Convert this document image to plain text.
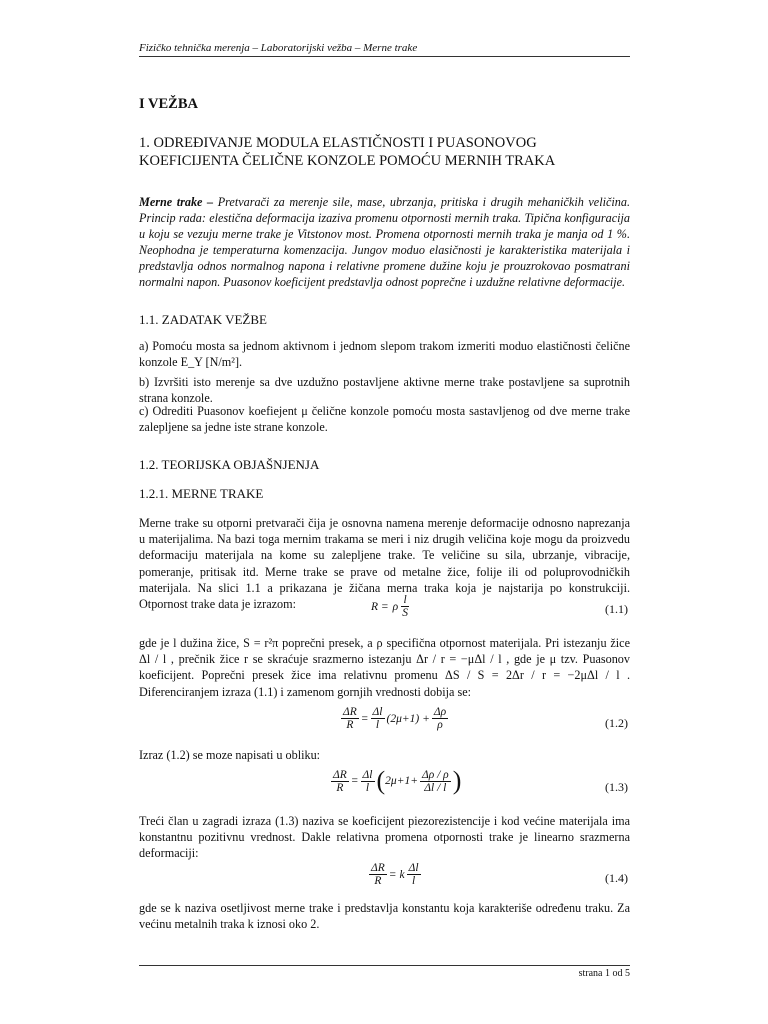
Fizičko tehnička merenja – Laboratorijski vežba – Merne trake
I VEŽBA
1. ODREĐIVANJE MODULA ELASTIČNOSTI I PUASONOVOG
KOEFICIJENTA ČELIČNE KONZOLE POMOĆU MERNIH TRAKA
Merne trake – Pretvarači za merenje sile, mase, ubrzanja, pritiska i drugih mehaničkih veličina. Princip rada: elestična deformacija izaziva promenu otpornosti mernih traka. Tipična konfiguracija u koju se vezuju merne trake je Vitstonov most. Promena otpornosti mernih traka je manja od 1 %. Neophodna je temperaturna komenzacija. Jungov moduo elasičnosti je karakteristika materijala i predstavlja odnos normalnog napona i relativne promene dužine koju je prouzrokovao posmatrani normalni napon. Puasonov koeficijent predstavlja odnost poprečne i uzdužne relativne deformacije.
1.1. ZADATAK VEŽBE
a) Pomoću mosta sa jednom aktivnom i jednom slepom trakom izmeriti moduo elastičnosti čelične konzole E_Y [N/m²].
b) Izvršiti isto merenje sa dve uzdužno postavljene aktivne merne trake postavljene sa suprotnih strana konzole.
c) Odrediti Puasonov koefiejent μ čelične konzole pomoću mosta sastavljenog od dve merne trake zalepljene sa jedne iste strane konzole.
1.2. TEORIJSKA OBJAŠNJENJA
1.2.1. MERNE TRAKE
Merne trake su otporni pretvarači čija je osnovna namena merenje deformacije odnosno naprezanja u materijalima. Na bazi toga mernim trakama se meri i niz drugih veličina koje mogu da proizvedu deformaciju materijala na kome su zalepljene trake. Te veličine su sila, ubrzanje, vibracije, pomeranje, pritisak itd. Merne trake se prave od metalne žice, folije ili od poluprovodničkih materijala. Na slici 1.1 a prikazana je žičana merna traka koja je najstarija po konstrukciji. Otpornost trake data je izrazom:	R = ρ $\frac{l}{S}$	(1.1)
gde je l dužina žice, S = r²π poprečni presek, a ρ specifična otpornost materijala. Pri istezanju žice Δl / l , prečnik žice r se skraćuje srazmerno istezanju Δr / r = −μΔl / l , gde je μ tzv. Puasonov koeficijent. Poprečni presek žice ima relativnu promenu ΔS / S = 2Δr / r = −2μΔl / l . Diferenciranjem izraza (1.1) i zamenom gornjih vrednosti dobija se:
$\frac{\Delta R}{R} = \frac{\Delta l}{l} (2\mu+1) + \frac{\Delta\rho}{\rho}$	(1.2)
Izraz (1.2) se moze napisati u obliku:
$\frac{\Delta R}{R} = \frac{\Delta l}{l}$ ( $2\mu+1+ \frac{\Delta\rho / \rho}{\Delta l / l}$ )	(1.3)
Treći član u zagradi izraza (1.3) naziva se koeficijent piezorezistencije i kod većine materijala ima konstantnu pozitivnu vrednost. Dakle relativna promena otpornosti trake je linearno srazmerna deformaciji:
$\frac{\Delta R}{R} = k \frac{\Delta l}{l}$	(1.4)
gde se k naziva osetljivost merne trake i predstavlja konstantu koja karakteriše određenu traku. Za većinu metalnih traka k iznosi oko 2.
strana 1 od 5
